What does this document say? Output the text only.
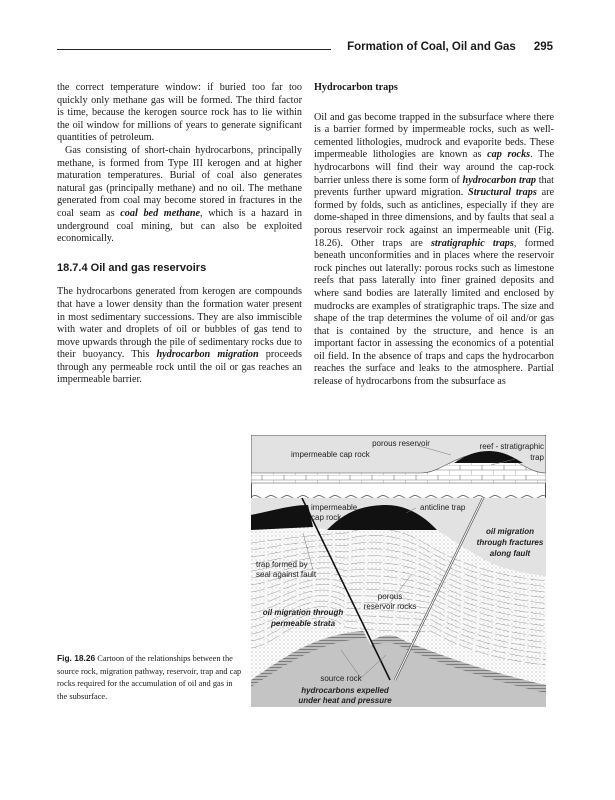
Formation of Coal, Oil and Gas 295

the correct temperature window: if buried too far too quickly only methane gas will be formed. The third factor is time, because the kerogen source rock has to lie within the oil window for millions of years to generate significant quantities of petroleum.

Gas consisting of short-chain hydrocarbons, principally methane, is formed from Type III kerogen and at higher maturation temperatures. Burial of coal also generates natural gas (principally methane) and no oil. The methane generated from coal may become stored in fractures in the coal seam as coal bed methane, which is a hazard in underground coal mining, but can also be exploited economically.

18.7.4 Oil and gas reservoirs

The hydrocarbons generated from kerogen are compounds that have a lower density than the formation water present in most sedimentary successions. They are also immiscible with water and droplets of oil or bubbles of gas tend to move upwards through the pile of sedimentary rocks due to their buoyancy. This hydrocarbon migration proceeds through any permeable rock until the oil or gas reaches an impermeable barrier.

Hydrocarbon traps

Oil and gas become trapped in the subsurface where there is a barrier formed by impermeable rocks, such as well-cemented lithologies, mudrock and evaporite beds. These impermeable lithologies are known as cap rocks. The hydrocarbons will find their way around the cap-rock barrier unless there is some form of hydrocarbon trap that prevents further upward migration. Structural traps are formed by folds, such as anticlines, especially if they are dome-shaped in three dimensions, and by faults that seal a porous reservoir rock against an impermeable unit (Fig. 18.26). Other traps are stratigraphic traps, formed beneath unconformities and in places where the reservoir rock pinches out laterally: porous rocks such as limestone reefs that pass laterally into finer grained deposits and where sand bodies are laterally limited and enclosed by mudrocks are examples of stratigraphic traps. The size and shape of the trap determines the volume of oil and/or gas that is contained by the structure, and hence is an important factor in assessing the economics of a potential oil field. In the absence of traps and caps the hydrocarbon reaches the surface and leaks to the atmosphere. Partial release of hydrocarbons from the subsurface as

porous reservoir
impermeable cap rock
reef - stratigraphic
trap
impermeable
cap rock
anticline trap
oil migration
through fractures
along fault
trap formed by
seal against fault
porous
reservoir rocks
oil migration through
permeable strata
source rock
hydrocarbons expelled
under heat and pressure
Fig. 18.26 Cartoon of the relationships between the source rock, migration pathway, reservoir, trap and cap rocks required for the accumulation of oil and gas in the subsurface.
